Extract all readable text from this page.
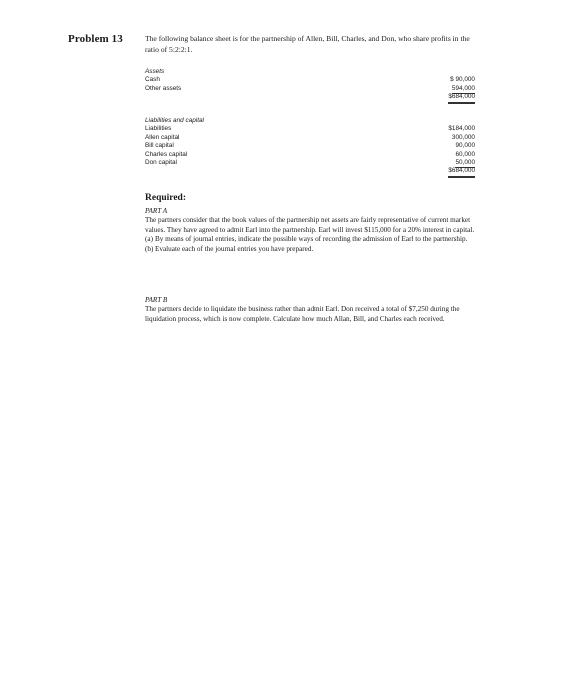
Problem 13	The following balance sheet is for the partnership of Allen, Bill, Charles, and Don, who share profits in the ratio of 5:2:2:1.
Assets
Cash	$ 90,000
Other assets	594,000
$684,000
Liabilities and capital
Liabilities	$184,000
Allen capital	300,000
Bill capital	90,000
Charles capital	60,000
Don capital	50,000
$684,000
Required:
PART A

The partners consider that the book values of the partnership net assets are fairly representative of current market values. They have agreed to admit Earl into the partnership. Earl will invest $115,000 for a 20% interest in capital.

(a) By means of journal entries, indicate the possible ways of recording the admission of Earl to the partnership.
(b) Evaluate each of the journal entries you have prepared.
PART B

The partners decide to liquidate the business rather than admit Earl. Don received a total of $7,250 during the liquidation process, which is now complete. Calculate how much Allan, Bill, and Charles each received.
